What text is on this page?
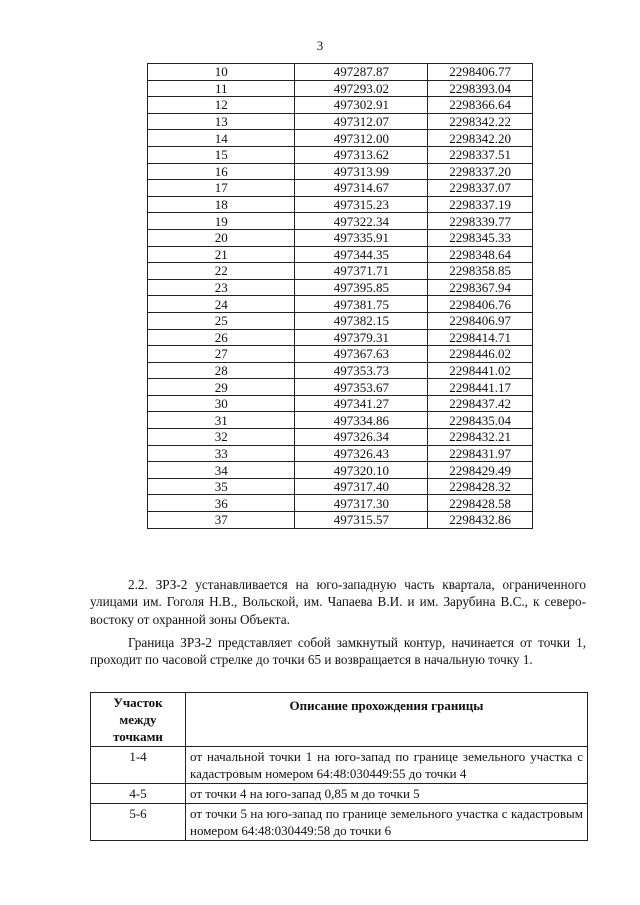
3
10	497287.87	2298406.77
11	497293.02	2298393.04
12	497302.91	2298366.64
13	497312.07	2298342.22
14	497312.00	2298342.20
15	497313.62	2298337.51
16	497313.99	2298337.20
17	497314.67	2298337.07
18	497315.23	2298337.19
19	497322.34	2298339.77
20	497335.91	2298345.33
21	497344.35	2298348.64
22	497371.71	2298358.85
23	497395.85	2298367.94
24	497381.75	2298406.76
25	497382.15	2298406.97
26	497379.31	2298414.71
27	497367.63	2298446.02
28	497353.73	2298441.02
29	497353.67	2298441.17
30	497341.27	2298437.42
31	497334.86	2298435.04
32	497326.34	2298432.21
33	497326.43	2298431.97
34	497320.10	2298429.49
35	497317.40	2298428.32
36	497317.30	2298428.58
37	497315.57	2298432.86

2.2. ЗРЗ-2 устанавливается на юго-западную часть квартала, ограниченного улицами им. Гоголя Н.В., Вольской, им. Чапаева В.И. и им. Зарубина В.С., к северо-востоку от охранной зоны Объекта.

Граница ЗРЗ-2 представляет собой замкнутый контур, начинается от точки 1, проходит по часовой стрелке до точки 65 и возвращается в начальную точку 1.

Участок между точками	Описание прохождения границы
1-4	от начальной точки 1 на юго-запад по границе земельного участка с кадастровым номером 64:48:030449:55 до точки 4
4-5	от точки 4 на юго-запад 0,85 м до точки 5
5-6	от точки 5 на юго-запад по границе земельного участка с кадастровым номером 64:48:030449:58 до точки 6
